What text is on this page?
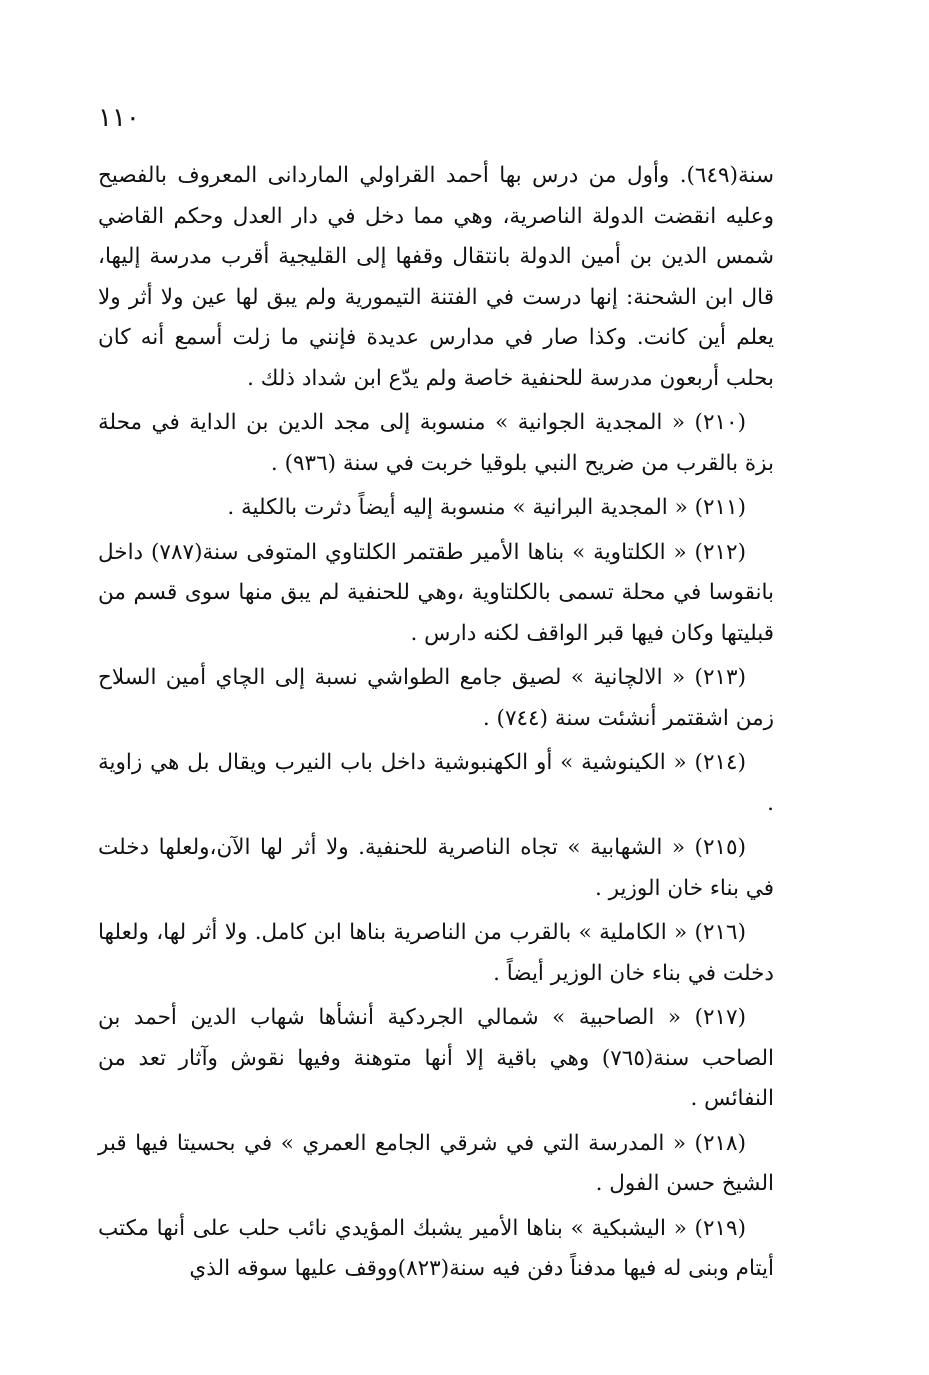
١١٠

سنة(٦٤٩). وأول من درس بها أحمد القراولي الماردانى المعروف بالفصيح وعليه انقضت الدولة الناصرية، وهي مما دخل في دار العدل وحكم القاضي شمس الدين بن أمين الدولة بانتقال وقفها إلى القليجية أقرب مدرسة إليها، قال ابن الشحنة: إنها درست في الفتنة التيمورية ولم يبق لها عين ولا أثر ولا يعلم أين كانت. وكذا صار في مدارس عديدة فإنني ما زلت أسمع أنه كان بحلب أربعون مدرسة للحنفية خاصة ولم يدّع ابن شداد ذلك .

(٢١٠) « المجدية الجوانية » منسوبة إلى مجد الدين بن الداية في محلة بزة بالقرب من ضريح النبي بلوقيا خربت في سنة (٩٣٦) .

(٢١١) « المجدية البرانية » منسوبة إليه أيضاً دثرت بالكلية .

(٢١٢) « الكلتاوية » بناها الأمير طقتمر الكلتاوي المتوفى سنة(٧٨٧) داخل بانقوسا في محلة تسمى بالكلتاوية ،وهي للحنفية لم يبق منها سوى قسم من قبليتها وكان فيها قبر الواقف لكنه دارس .

(٢١٣) « الالچانية » لصيق جامع الطواشي نسبة إلى الچاي أمين السلاح زمن اشقتمر أنشئت سنة (٧٤٤) .

(٢١٤) « الكينوشية » أو الكهنبوشية داخل باب النيرب ويقال بل هي زاوية .

(٢١٥) « الشهابية » تجاه الناصرية للحنفية. ولا أثر لها الآن،ولعلها دخلت في بناء خان الوزير .

(٢١٦) « الكاملية » بالقرب من الناصرية بناها ابن كامل. ولا أثر لها، ولعلها دخلت في بناء خان الوزير أيضاً .

(٢١٧) « الصاحبية » شمالي الجردكية أنشأها شهاب الدين أحمد بن الصاحب سنة(٧٦٥) وهي باقية إلا أنها متوهنة وفيها نقوش وآثار تعد من النفائس .

(٢١٨) « المدرسة التي في شرقي الجامع العمري » في بحسيتا فيها قبر الشيخ حسن الفول .

(٢١٩) « اليشبكية » بناها الأمير يشبك المؤيدي نائب حلب على أنها مكتب أيتام وبنى له فيها مدفناً دفن فيه سنة(٨٢٣)ووقف عليها سوقه الذي
